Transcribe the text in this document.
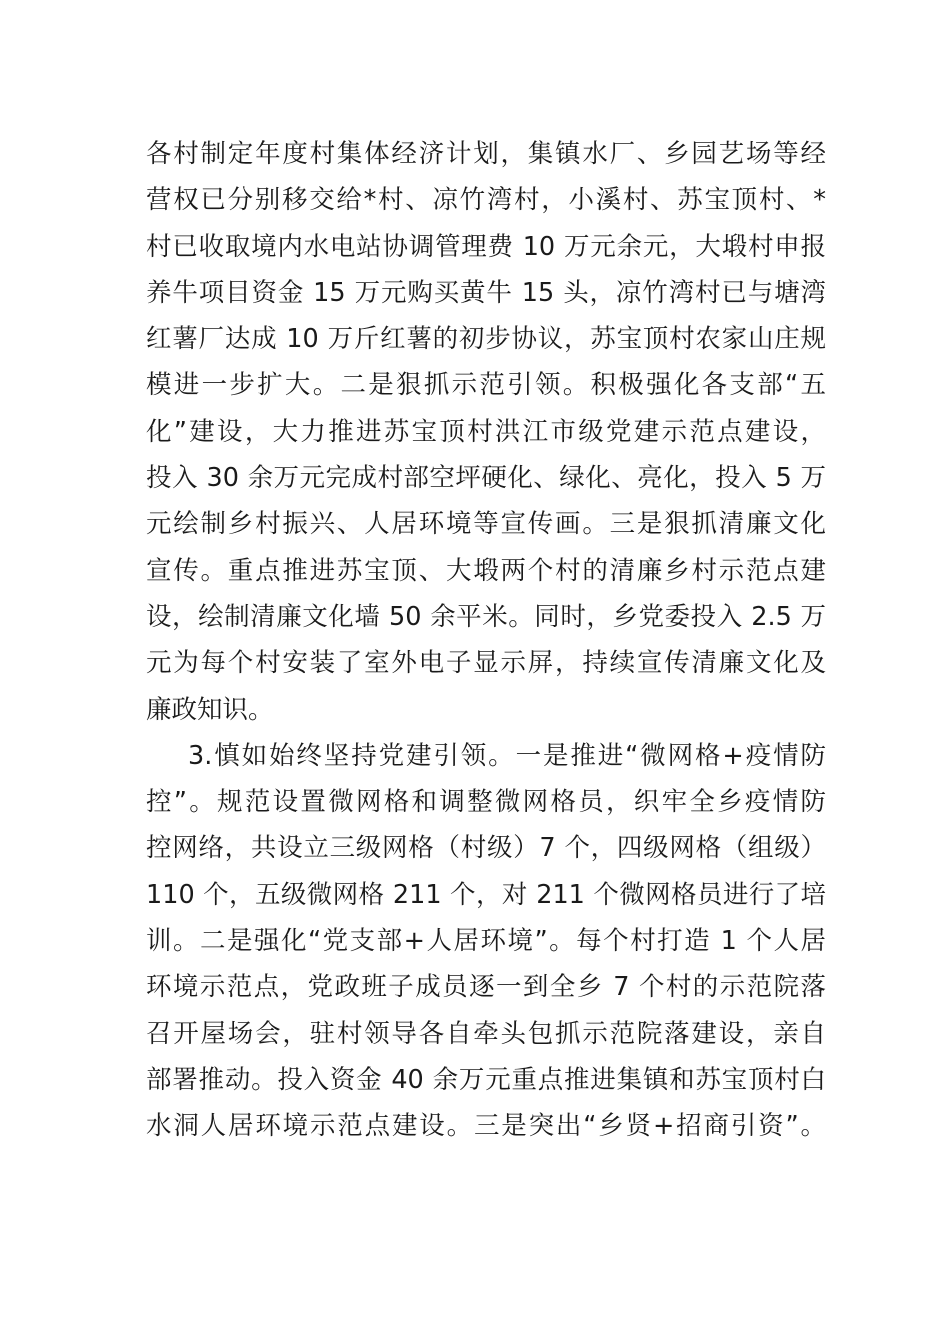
各村制定年度村集体经济计划，集镇水厂、乡园艺场等经
营权已分别移交给*村、凉竹湾村，小溪村、苏宝顶村、*
村已收取境内水电站协调管理费 10 万元余元，大塅村申报
养牛项目资金 15 万元购买黄牛 15 头，凉竹湾村已与塘湾
红薯厂达成 10 万斤红薯的初步协议，苏宝顶村农家山庄规
模进一步扩大。二是狠抓示范引领。积极强化各支部“五
化”建设，大力推进苏宝顶村洪江市级党建示范点建设，
投入 30 余万元完成村部空坪硬化、绿化、亮化，投入 5 万
元绘制乡村振兴、人居环境等宣传画。三是狠抓清廉文化
宣传。重点推进苏宝顶、大塅两个村的清廉乡村示范点建
设，绘制清廉文化墙 50 余平米。同时，乡党委投入 2.5 万
元为每个村安装了室外电子显示屏，持续宣传清廉文化及
廉政知识。
3.慎如始终坚持党建引领。一是推进“微网格+疫情防
控”。规范设置微网格和调整微网格员，织牢全乡疫情防
控网络，共设立三级网格（村级）7 个，四级网格（组级）
110 个，五级微网格 211 个，对 211 个微网格员进行了培
训。二是强化“党支部+人居环境”。每个村打造 1 个人居
环境示范点，党政班子成员逐一到全乡 7 个村的示范院落
召开屋场会，驻村领导各自牵头包抓示范院落建设，亲自
部署推动。投入资金 40 余万元重点推进集镇和苏宝顶村白
水洞人居环境示范点建设。三是突出“乡贤+招商引资”。
